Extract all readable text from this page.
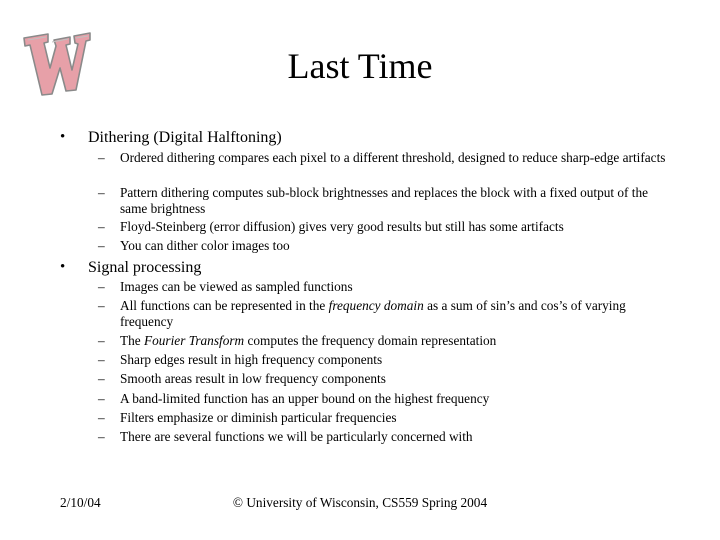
Last Time
• Dithering (Digital Halftoning)
– Ordered dithering compares each pixel to a different threshold, designed to reduce sharp-edge artifacts
– Pattern dithering computes sub-block brightnesses and replaces the block with a fixed output of the same brightness
– Floyd-Steinberg (error diffusion) gives very good results but still has some artifacts
– You can dither color images too
• Signal processing
– Images can be viewed as sampled functions
– All functions can be represented in the frequency domain as a sum of sin’s and cos’s of varying frequency
– The Fourier Transform computes the frequency domain representation
– Sharp edges result in high frequency components
– Smooth areas result in low frequency components
– A band-limited function has an upper bound on the highest frequency
– Filters emphasize or diminish particular frequencies
– There are several functions we will be particularly concerned with
2/10/04	© University of Wisconsin, CS559 Spring 2004
